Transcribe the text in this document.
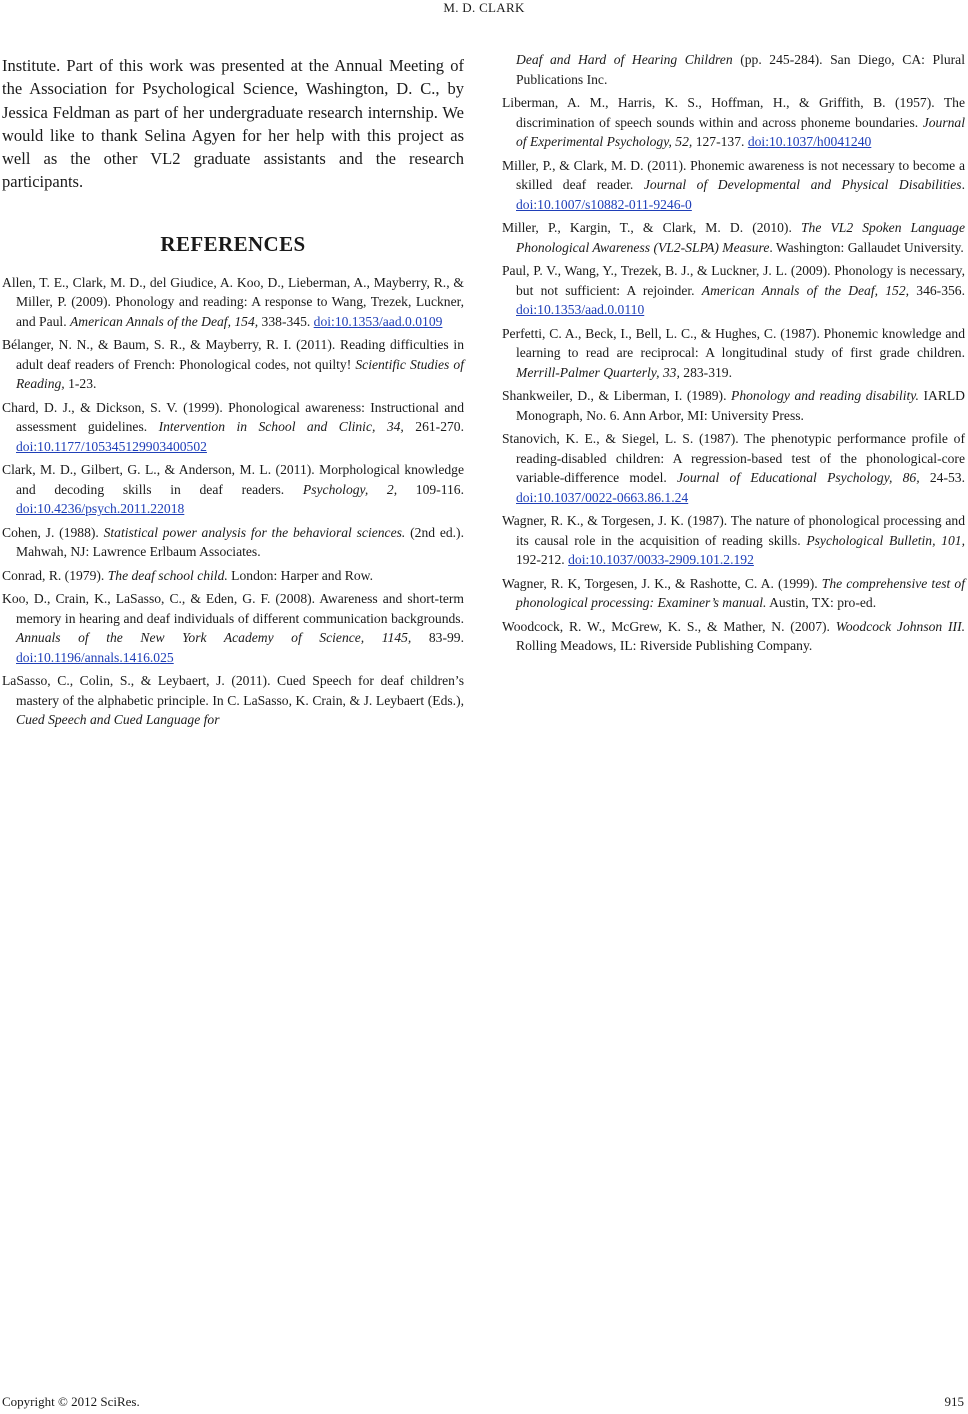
M. D. CLARK

Institute. Part of this work was presented at the Annual Meeting of the Association for Psychological Science, Washington, D. C., by Jessica Feldman as part of her undergraduate research internship. We would like to thank Selina Agyen for her help with this project as well as the other VL2 graduate assistants and the research participants.

REFERENCES

Allen, T. E., Clark, M. D., del Giudice, A. Koo, D., Lieberman, A., Mayberry, R., & Miller, P. (2009). Phonology and reading: A response to Wang, Trezek, Luckner, and Paul. American Annals of the Deaf, 154, 338-345. doi:10.1353/aad.0.0109

Bélanger, N. N., & Baum, S. R., & Mayberry, R. I. (2011). Reading difficulties in adult deaf readers of French: Phonological codes, not quilty! Scientific Studies of Reading, 1-23.

Chard, D. J., & Dickson, S. V. (1999). Phonological awareness: Instructional and assessment guidelines. Intervention in School and Clinic, 34, 261-270. doi:10.1177/105345129903400502

Clark, M. D., Gilbert, G. L., & Anderson, M. L. (2011). Morphological knowledge and decoding skills in deaf readers. Psychology, 2, 109-116. doi:10.4236/psych.2011.22018

Cohen, J. (1988). Statistical power analysis for the behavioral sciences. (2nd ed.). Mahwah, NJ: Lawrence Erlbaum Associates.

Conrad, R. (1979). The deaf school child. London: Harper and Row.

Koo, D., Crain, K., LaSasso, C., & Eden, G. F. (2008). Awareness and short-term memory in hearing and deaf individuals of different communication backgrounds. Annuals of the New York Academy of Science, 1145, 83-99. doi:10.1196/annals.1416.025

LaSasso, C., Colin, S., & Leybaert, J. (2011). Cued Speech for deaf children’s mastery of the alphabetic principle. In C. LaSasso, K. Crain, & J. Leybaert (Eds.), Cued Speech and Cued Language for

Deaf and Hard of Hearing Children (pp. 245-284). San Diego, CA: Plural Publications Inc.

Liberman, A. M., Harris, K. S., Hoffman, H., & Griffith, B. (1957). The discrimination of speech sounds within and across phoneme boundaries. Journal of Experimental Psychology, 52, 127-137. doi:10.1037/h0041240

Miller, P., & Clark, M. D. (2011). Phonemic awareness is not necessary to become a skilled deaf reader. Journal of Developmental and Physical Disabilities. doi:10.1007/s10882-011-9246-0

Miller, P., Kargin, T., & Clark, M. D. (2010). The VL2 Spoken Language Phonological Awareness (VL2-SLPA) Measure. Washington: Gallaudet University.

Paul, P. V., Wang, Y., Trezek, B. J., & Luckner, J. L. (2009). Phonology is necessary, but not sufficient: A rejoinder. American Annals of the Deaf, 152, 346-356. doi:10.1353/aad.0.0110

Perfetti, C. A., Beck, I., Bell, L. C., & Hughes, C. (1987). Phonemic knowledge and learning to read are reciprocal: A longitudinal study of first grade children. Merrill-Palmer Quarterly, 33, 283-319.

Shankweiler, D., & Liberman, I. (1989). Phonology and reading disability. IARLD Monograph, No. 6. Ann Arbor, MI: University Press.

Stanovich, K. E., & Siegel, L. S. (1987). The phenotypic performance profile of reading-disabled children: A regression-based test of the phonological-core variable-difference model. Journal of Educational Psychology, 86, 24-53. doi:10.1037/0022-0663.86.1.24

Wagner, R. K., & Torgesen, J. K. (1987). The nature of phonological processing and its causal role in the acquisition of reading skills. Psychological Bulletin, 101, 192-212. doi:10.1037/0033-2909.101.2.192

Wagner, R. K, Torgesen, J. K., & Rashotte, C. A. (1999). The comprehensive test of phonological processing: Examiner’s manual. Austin, TX: pro-ed.

Woodcock, R. W., McGrew, K. S., & Mather, N. (2007). Woodcock Johnson III. Rolling Meadows, IL: Riverside Publishing Company.

Copyright © 2012 SciRes.	915
